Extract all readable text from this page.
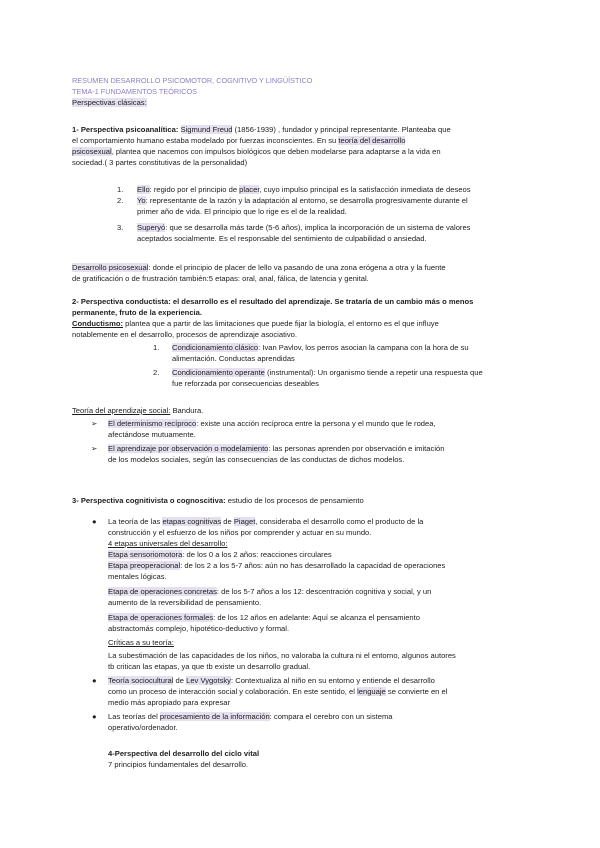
RESUMEN DESARROLLO PSICOMOTOR, COGNITIVO Y LINGÜÍSTICO
TEMA-1 FUNDAMENTOS TEÓRICOS
Perspectivas clásicas:
1- Perspectiva psicoanalítica: Sigmund Freud (1856-1939) , fundador y principal representante. Planteaba que
el comportamiento humano estaba modelado por fuerzas inconscientes. En su teoría del desarrollo
psicosexual, plantea que nacemos con impulsos biológicos que deben modelarse para adaptarse a la vida en
sociedad.( 3 partes constitutivas de la personalidad)
1. Ello: regido por el principio de placer, cuyo impulso principal es la satisfacción inmediata de deseos
2. Yo: representante de la razón y la adaptación al entorno, se desarrolla progresivamente durante el
primer año de vida. El principio que lo rige es el de la realidad.
3. Superyó: que se desarrolla más tarde (5-6 años), implica la incorporación de un sistema de valores
aceptados socialmente. Es el responsable del sentimiento de culpabilidad o ansiedad.
Desarrollo psicosexual: donde el principio de placer de lello va pasando de una zona erógena a otra y la fuente
de gratificación o de frustración también:5 etapas: oral, anal, fálica, de latencia y genital.
2- Perspectiva conductista: el desarrollo es el resultado del aprendizaje. Se trataría de un cambio más o menos
permanente, fruto de la experiencia.
Conductismo: plantea que a partir de las limitaciones que puede fijar la biología, el entorno es el que influye
notablemente en el desarrollo, procesos de aprendizaje asociativo.
1. Condicionamiento clásico: Ivan Pavlov, los perros asocian la campana con la hora de su
alimentación. Conductas aprendidas
2. Condicionamiento operante (instrumental): Un organismo tiende a repetir una respuesta que
fue reforzada por consecuencias deseables
Teoría del aprendizaje social: Bandura.
➢ El determinismo recíproco: existe una acción recíproca entre la persona y el mundo que le rodea,
afectándose mutuamente.
➢ El aprendizaje por observación o modelamiento: las personas aprenden por observación e imitación
de los modelos sociales, según las consecuencias de las conductas de dichos modelos.
3- Perspectiva cognitivista o cognoscitiva: estudio de los procesos de pensamiento
● La teoría de las etapas cognitivas de Piaget, consideraba el desarrollo como el producto de la
construcción y el esfuerzo de los niños por comprender y actuar en su mundo.
4 etapas universales del desarrollo:
Etapa sensoriomotora: de los 0 a los 2 años: reacciones circulares
Etapa preoperacional: de los 2 a los 5-7 años: aún no has desarrollado la capacidad de operaciones
mentales lógicas.
Etapa de operaciones concretas: de los 5-7 años a los 12: descentración cognitiva y social, y un
aumento de la reversibilidad de pensamiento.
Etapa de operaciones formales: de los 12 años en adelante: Aquí se alcanza el pensamiento
abstractomás complejo, hipotético-deductivo y formal.
Críticas a su teoría:
La subestimación de las capacidades de los niños, no valoraba la cultura ni el entorno, algunos autores
tb critican las etapas, ya que tb existe un desarrollo gradual.
● Teoría sociocultural de Lev Vygotsky: Contextualiza al niño en su entorno y entiende el desarrollo
como un proceso de interacción social y colaboración. En este sentido, el lenguaje se convierte en el
medio más apropiado para expresar
● Las teorías del procesamiento de la información: compara el cerebro con un sistema
operativo/ordenador.
4-Perspectiva del desarrollo del ciclo vital
7 principios fundamentales del desarrollo.
